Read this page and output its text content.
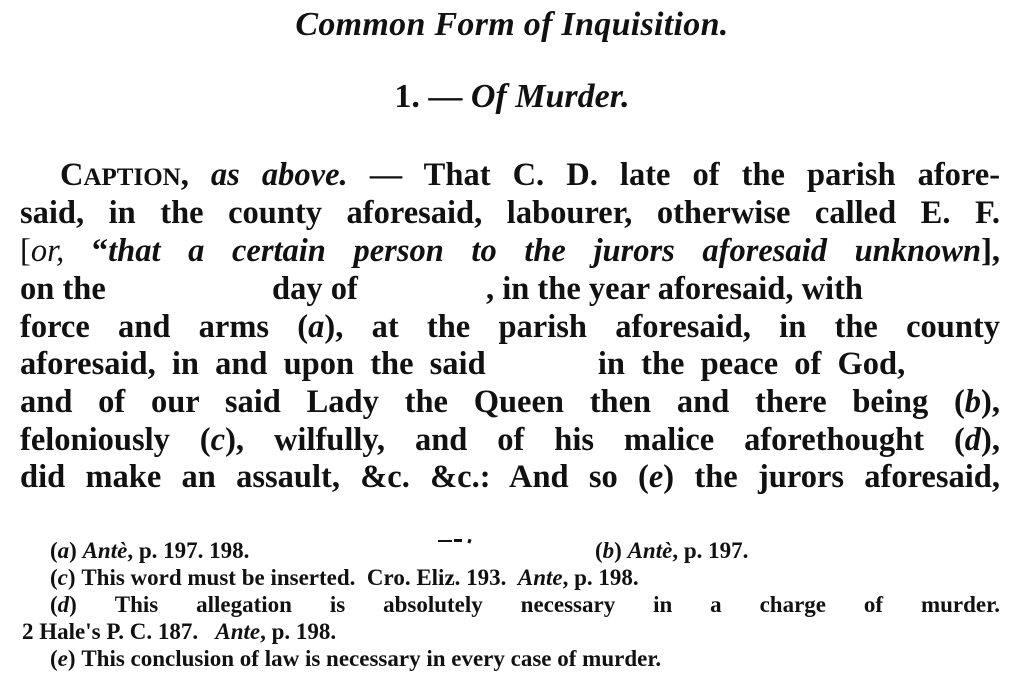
Common Form of Inquisition.
1. — Of Murder.
CAPTION, as above. — That C. D. late of the parish afore-
said, in the county aforesaid, labourer, otherwise called E. F.
[or, “that a certain person to the jurors aforesaid unknown],
on the	day of	, in the year aforesaid, with
force and arms (a), at the parish aforesaid, in the county
aforesaid, in and upon the said	in the peace of God,
and of our said Lady the Queen then and there being (b),
feloniously (c), wilfully, and of his malice aforethought (d),
did make an assault, &c. &c.: And so (e) the jurors aforesaid,
(a) Antè, p. 197. 198.	(b) Antè, p. 197.
(c) This word must be inserted.  Cro. Eliz. 193. Ante, p. 198.
(d) This allegation is absolutely necessary in a charge of murder.
2 Hale's P. C. 187. Ante, p. 198.
(e) This conclusion of law is necessary in every case of murder.
